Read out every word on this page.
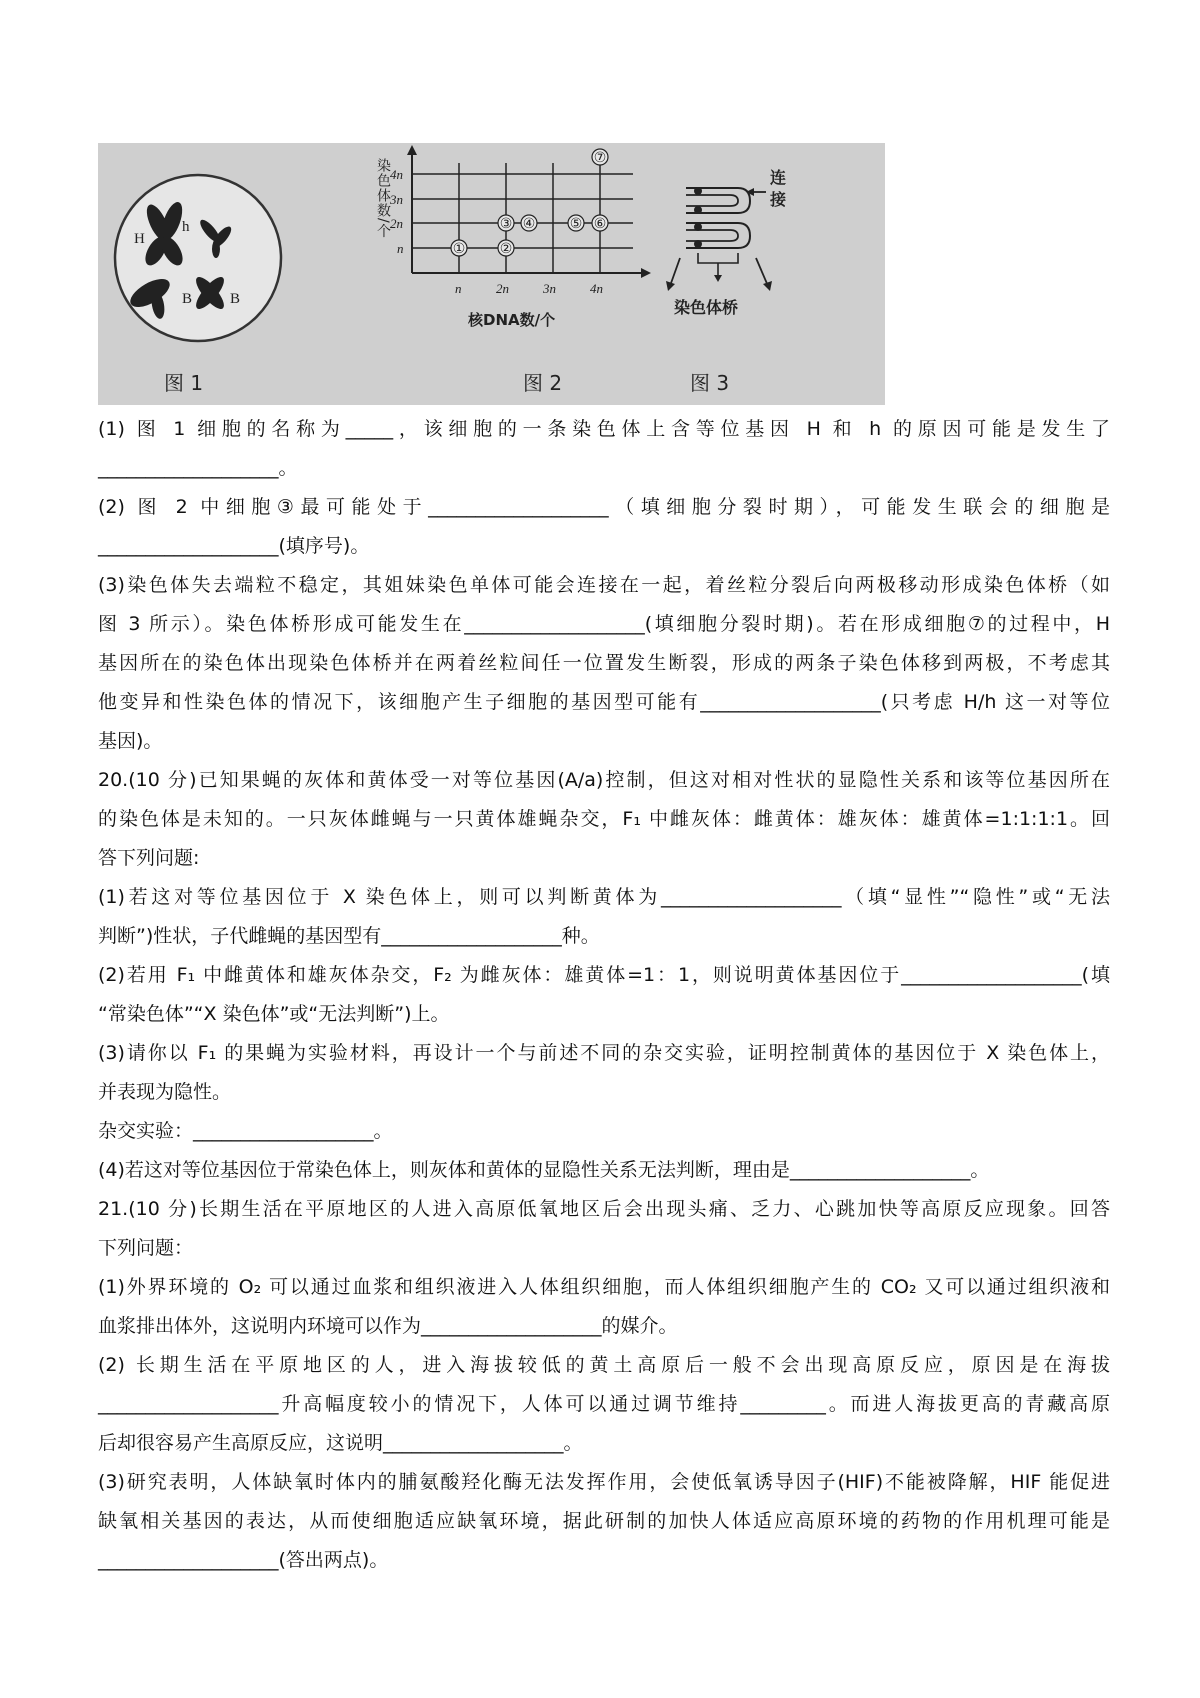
H
h
B	B
图 1
染色体数/个 4n
3n
2n
n
n	2n	3n	4n
核DNA数/个
① ②
③ ④ ⑤ ⑥
⑦
图 2
连
接
染色体桥
图 3
(1) 图 1 细胞的名称为_____，该细胞的一条染色体上含等位基因 H 和 h 的原因可能是发生了
___________________。
(2) 图 2 中细胞③最可能处于___________________（填细胞分裂时期），可能发生联会的细胞是
___________________(填序号)。
(3)染色体失去端粒不稳定，其姐妹染色单体可能会连接在一起，着丝粒分裂后向两极移动形成染色体桥（如
图 3 所示）。染色体桥形成可能发生在___________________(填细胞分裂时期)。若在形成细胞⑦的过程中，H
基因所在的染色体出现染色体桥并在两着丝粒间任一位置发生断裂，形成的两条子染色体移到两极，不考虑其
他变异和性染色体的情况下，该细胞产生子细胞的基因型可能有___________________(只考虑 H/h 这一对等位
基因)。
20.(10 分)已知果蝇的灰体和黄体受一对等位基因(A/a)控制，但这对相对性状的显隐性关系和该等位基因所在
的染色体是未知的。一只灰体雌蝇与一只黄体雄蝇杂交，F₁ 中雌灰体：雌黄体：雄灰体：雄黄体=1:1:1:1。回
答下列问题:
(1)若这对等位基因位于 X 染色体上，则可以判断黄体为___________________（填“显性”“隐性”或“无法
判断”)性状，子代雌蝇的基因型有___________________种。
(2)若用 F₁ 中雌黄体和雄灰体杂交，F₂ 为雌灰体：雄黄体=1：1，则说明黄体基因位于___________________(填
“常染色体”“X 染色体”或“无法判断”)上。
(3)请你以 F₁ 的果蝇为实验材料，再设计一个与前述不同的杂交实验，证明控制黄体的基因位于 X 染色体上，
并表现为隐性。
杂交实验：___________________。
(4)若这对等位基因位于常染色体上，则灰体和黄体的显隐性关系无法判断，理由是___________________。
21.(10 分)长期生活在平原地区的人进入高原低氧地区后会出现头痛、乏力、心跳加快等高原反应现象。回答
下列问题：
(1)外界环境的 O₂ 可以通过血浆和组织液进入人体组织细胞，而人体组织细胞产生的 CO₂ 又可以通过组织液和
血浆排出体外，这说明内环境可以作为___________________的媒介。
(2) 长期生活在平原地区的人，进入海拔较低的黄土高原后一般不会出现高原反应，原因是在海拔
___________________升高幅度较小的情况下，人体可以通过调节维持_________。而进人海拔更高的青藏高原
后却很容易产生高原反应，这说明___________________。
(3)研究表明，人体缺氧时体内的脯氨酸羟化酶无法发挥作用，会使低氧诱导因子(HIF)不能被降解，HIF 能促进
缺氧相关基因的表达，从而使细胞适应缺氧环境，据此研制的加快人体适应高原环境的药物的作用机理可能是
___________________(答出两点)。
